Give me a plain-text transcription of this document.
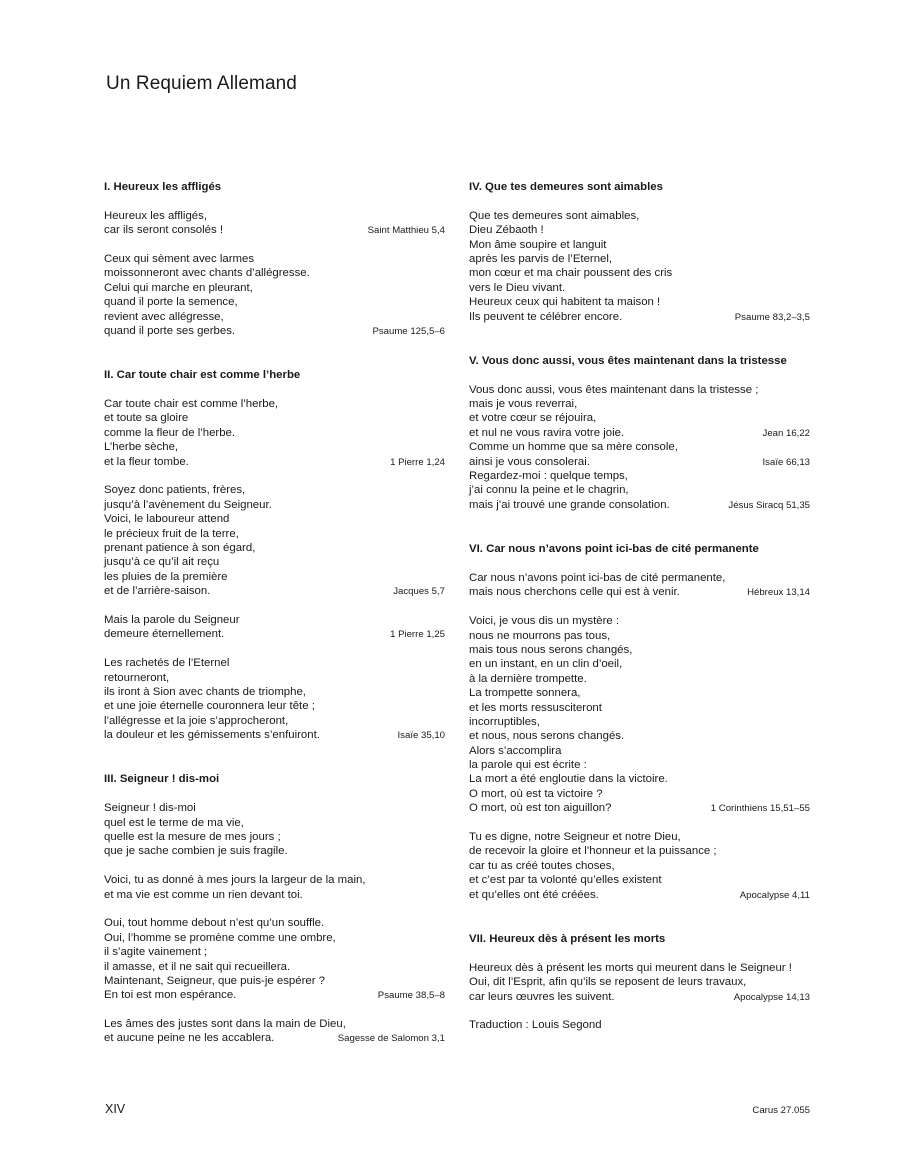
Un Requiem Allemand
I. Heureux les affligés
Heureux les affligés,
car ils seront consolés !	Saint Matthieu 5,4
Ceux qui sèment avec larmes
moissonneront avec chants d’allégresse.
Celui qui marche en pleurant,
quand il porte la semence,
revient avec allégresse,
quand il porte ses gerbes.	Psaume 125,5–6
II. Car toute chair est comme l’herbe
Car toute chair est comme l’herbe,
et toute sa gloire
comme la fleur de l’herbe.
L’herbe sèche,
et la fleur tombe.	1 Pierre 1,24
Soyez donc patients, frères,
jusqu’à l’avènement du Seigneur.
Voici, le laboureur attend
le précieux fruit de la terre,
prenant patience à son égard,
jusqu’à ce qu’il ait reçu
les pluies de la première
et de l’arrière-saison.	Jacques 5,7
Mais la parole du Seigneur
demeure éternellement.	1 Pierre 1,25
Les rachetés de l’Eternel
retourneront,
ils iront à Sion avec chants de triomphe,
et une joie éternelle couronnera leur tête ;
l’allégresse et la joie s’approcheront,
la douleur et les gémissements s’enfuiront.	Isaïe 35,10
III. Seigneur ! dis-moi
Seigneur ! dis-moi
quel est le terme de ma vie,
quelle est la mesure de mes jours ;
que je sache combien je suis fragile.
Voici, tu as donné à mes jours la largeur de la main,
et ma vie est comme un rien devant toi.
Oui, tout homme debout n’est qu’un souffle.
Oui, l’homme se promène comme une ombre,
il s’agite vainement ;
il amasse, et il ne sait qui recueillera.
Maintenant, Seigneur, que puis-je espérer ?
En toi est mon espérance.	Psaume 38,5–8
Les âmes des justes sont dans la main de Dieu,
et aucune peine ne les accablera.	Sagesse de Salomon 3,1
IV. Que tes demeures sont aimables
Que tes demeures sont aimables,
Dieu Zébaoth !
Mon âme soupire et languit
après les parvis de l’Eternel,
mon cœur et ma chair poussent des cris
vers le Dieu vivant.
Heureux ceux qui habitent ta maison !
Ils peuvent te célébrer encore.	Psaume 83,2–3,5
V. Vous donc aussi, vous êtes maintenant dans la tristesse
Vous donc aussi, vous êtes maintenant dans la tristesse ;
mais je vous reverrai,
et votre cœur se réjouira,
et nul ne vous ravira votre joie.	Jean 16,22
Comme un homme que sa mère console,
ainsi je vous consolerai.	Isaïe 66,13
Regardez-moi : quelque temps,
j’ai connu la peine et le chagrin,
mais j’ai trouvé une grande consolation.	Jésus Siracq 51,35
VI. Car nous n’avons point ici-bas de cité permanente
Car nous n’avons point ici-bas de cité permanente,
mais nous cherchons celle qui est à venir.	Hébreux 13,14
Voici, je vous dis un mystère :
nous ne mourrons pas tous,
mais tous nous serons changés,
en un instant, en un clin d’oeil,
à la dernière trompette.
La trompette sonnera,
et les morts ressusciteront
incorruptibles,
et nous, nous serons changés.
Alors s’accomplira
la parole qui est écrite :
La mort a été engloutie dans la victoire.
O mort, où est ta victoire ?
O mort, où est ton aiguillon?	1 Corinthiens 15,51–55
Tu es digne, notre Seigneur et notre Dieu,
de recevoir la gloire et l’honneur et la puissance ;
car tu as créé toutes choses,
et c’est par ta volonté qu’elles existent
et qu’elles ont été créées.	Apocalypse 4,11
VII. Heureux dès à présent les morts
Heureux dès à présent les morts qui meurent dans le Seigneur !
Oui, dit l’Esprit, afin qu’ils se reposent de leurs travaux,
car leurs œuvres les suivent.	Apocalypse 14,13
Traduction : Louis Segond
XIV	Carus 27.055
